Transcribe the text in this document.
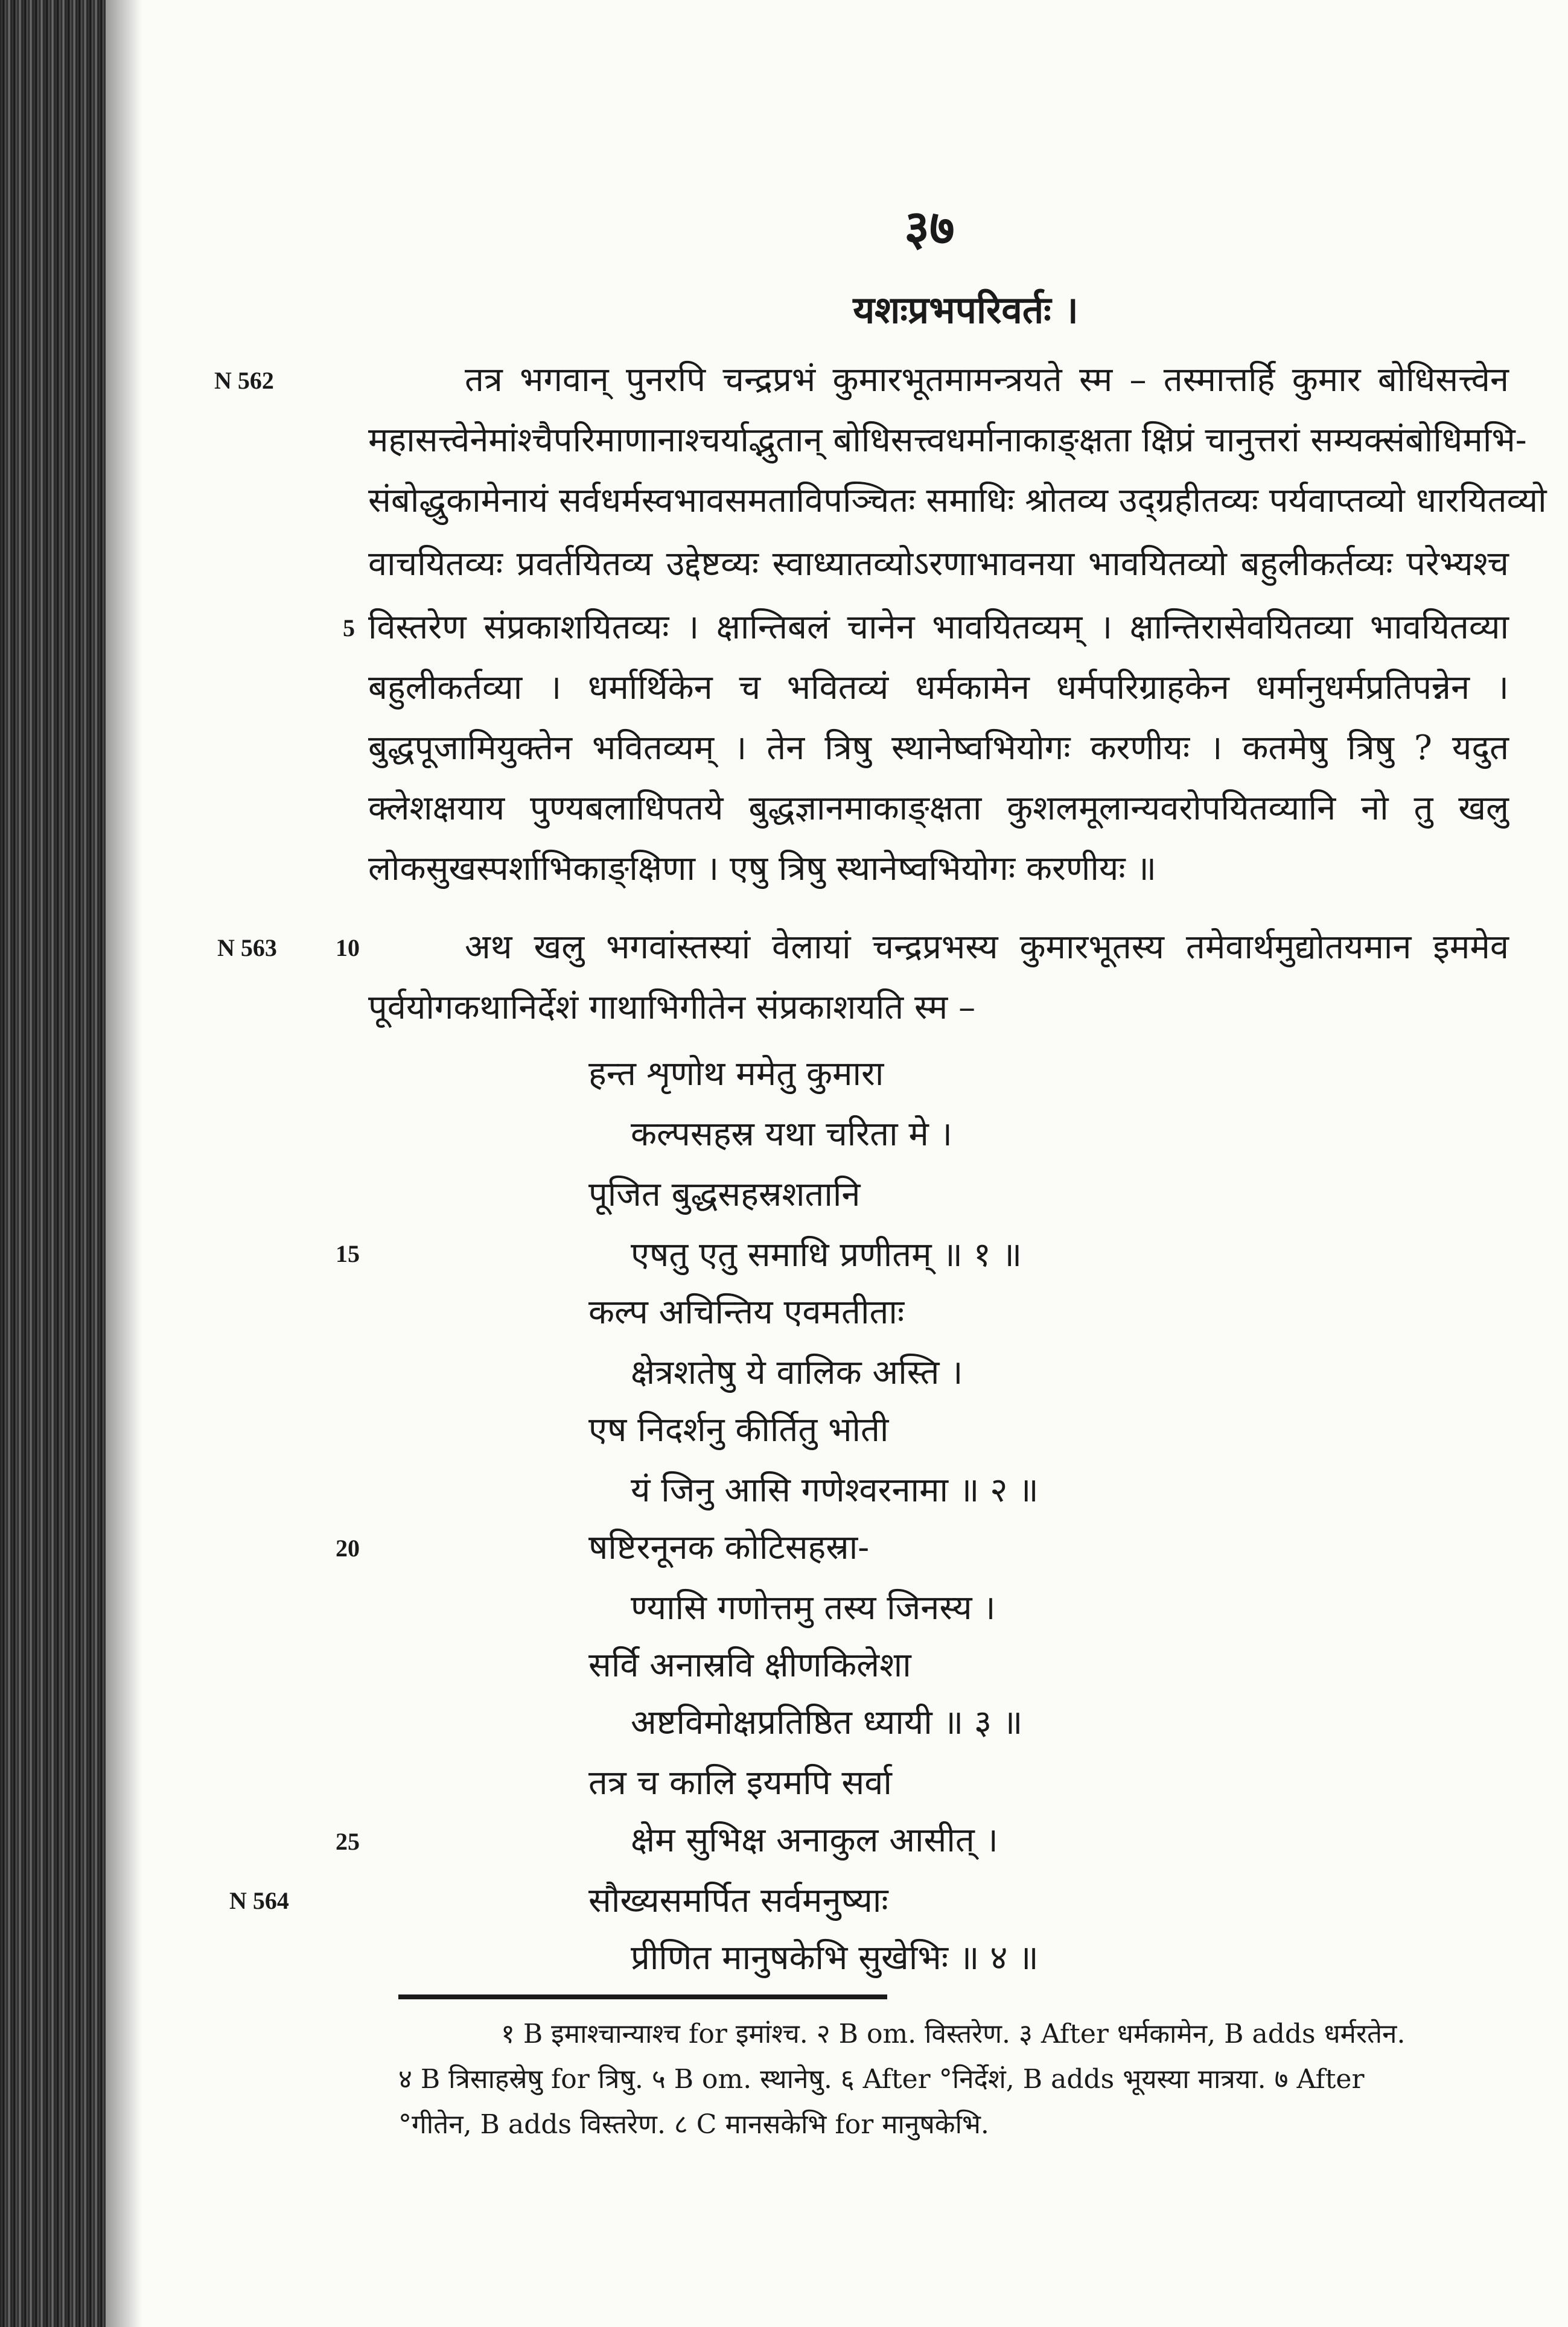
३७
यशःप्रभपरिवर्तः ।
N 562
5
N 563 10
15
20
25
N 564
तत्र भगवान् पुनरपि चन्द्रप्रभं कुमारभूतमामन्त्रयते स्म – तस्मात्तर्हि कुमार बोधिसत्त्वेन
महासत्त्वेनेमांश्चैपरिमाणानाश्चर्याद्भुतान् बोधिसत्त्वधर्मानाकाङ्क्षता क्षिप्रं चानुत्तरां सम्यक्संबोधिमभि-
संबोद्धुकामेनायं सर्वधर्मस्वभावसमताविपञ्चितः समाधिः श्रोतव्य उद्ग्रहीतव्यः पर्यवाप्तव्यो धारयितव्यो
वाचयितव्यः प्रवर्तयितव्य उद्देष्टव्यः स्वाध्यातव्योऽरणाभावनया भावयितव्यो बहुलीकर्तव्यः परेभ्यश्च
विस्तरेण संप्रकाशयितव्यः । क्षान्तिबलं चानेन भावयितव्यम् । क्षान्तिरासेवयितव्या भावयितव्या
बहुलीकर्तव्या । धर्मार्थिकेन च भवितव्यं धर्मकामेन धर्मपरिग्राहकेन धर्मानुधर्मप्रतिपन्नेन ।
बुद्धपूजामियुक्तेन भवितव्यम् । तेन त्रिषु स्थानेष्वभियोगः करणीयः । कतमेषु त्रिषु ? यदुत
क्लेशक्षयाय पुण्यबलाधिपतये बुद्धज्ञानमाकाङ्क्षता कुशलमूलान्यवरोपयितव्यानि नो तु खलु
लोकसुखस्पर्शाभिकाङ्क्षिणा । एषु त्रिषु स्थानेष्वभियोगः करणीयः ॥
अथ खलु भगवांस्तस्यां वेलायां चन्द्रप्रभस्य कुमारभूतस्य तमेवार्थमुद्योतयमान इममेव
पूर्वयोगकथानिर्देशं गाथाभिगीतेन संप्रकाशयति स्म –
हन्त शृणोथ ममेतु कुमारा
कल्पसहस्र यथा चरिता मे ।
पूजित बुद्धसहस्रशतानि
एषतु एतु समाधि प्रणीतम् ॥ १ ॥
कल्प अचिन्तिय एवमतीताः
क्षेत्रशतेषु ये वालिक अस्ति ।
एष निदर्शनु कीर्तितु भोती
यं जिनु आसि गणेश्वरनामा ॥ २ ॥
षष्टिरनूनक कोटिसहस्रा-
ण्यासि गणोत्तमु तस्य जिनस्य ।
सर्वि अनास्रवि क्षीणकिलेशा
अष्टविमोक्षप्रतिष्ठित ध्यायी ॥ ३ ॥
तत्र च कालि इयमपि सर्वा
क्षेम सुभिक्ष अनाकुल आसीत् ।
सौख्यसमर्पित सर्वमनुष्याः
प्रीणित मानुषकेभि सुखेभिः ॥ ४ ॥
१ B इमाश्चान्याश्च for इमांश्च. २ B om. विस्तरेण. ३ After धर्मकामेन, B adds धर्मरतेन.
४ B त्रिसाहस्रेषु for त्रिषु. ५ B om. स्थानेषु. ६ After °निर्देशं, B adds भूयस्या मात्रया. ७ After
°गीतेन, B adds विस्तरेण. ८ C मानसकेभि for मानुषकेभि.
